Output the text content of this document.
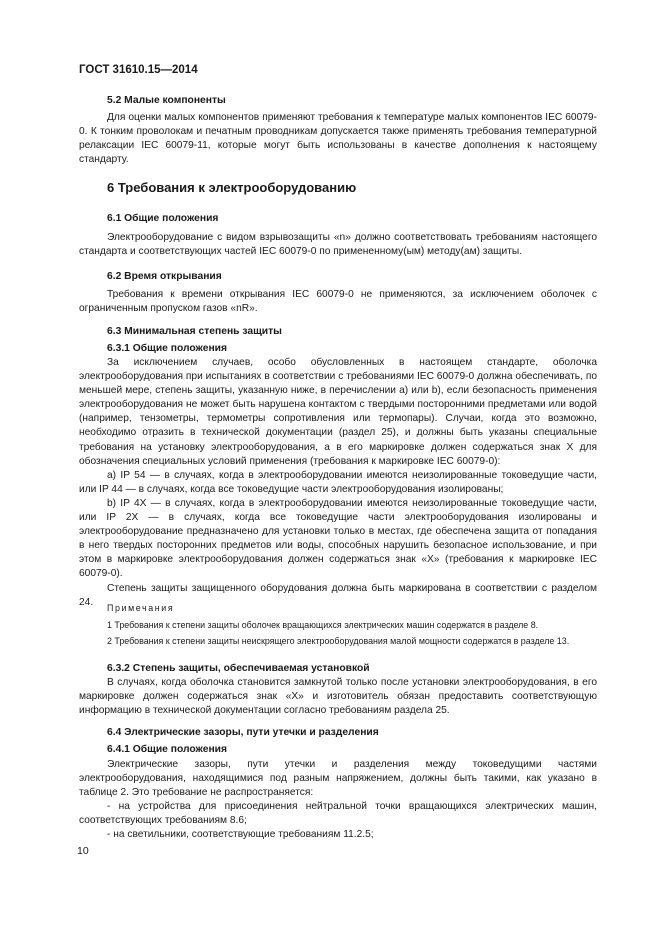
ГОСТ 31610.15—2014
5.2 Малые компоненты

Для оценки малых компонентов применяют требования к температуре малых компонентов IEC 60079-0. К тонким проволокам и печатным проводникам допускается также применять требования температурной релаксации IEC 60079-11, которые могут быть использованы в качестве дополнения к настоящему стандарту.

6 Требования к электрооборудованию
6.1 Общие положения

Электрооборудование с видом взрывозащиты «n» должно соответствовать требованиям настоящего стандарта и соответствующих частей IEC 60079-0 по примененному(ым) методу(ам) защиты.

6.2 Время открывания

Требования к времени открывания IEC 60079-0 не применяются, за исключением оболочек с ограниченным пропуском газов «nR».

6.3 Минимальная степень защиты
6.3.1 Общие положения

За исключением случаев, особо обусловленных в настоящем стандарте, оболочка электрооборудования при испытаниях в соответствии с требованиями IEC 60079-0 должна обеспечивать, по меньшей мере, степень защиты, указанную ниже, в перечислении а) или b), если безопасность применения электрооборудования не может быть нарушена контактом с твердыми посторонними предметами или водой (например, тензометры, термометры сопротивления или термопары). Случаи, когда это возможно, необходимо отразить в технической документации (раздел 25), и должны быть указаны специальные требования на установку электрооборудования, а в его маркировке должен содержаться знак X для обозначения специальных условий применения (требования к маркировке IEC 60079-0):

а) IP 54 — в случаях, когда в электрооборудовании имеются неизолированные токоведущие части, или IP 44 — в случаях, когда все токоведущие части электрооборудования изолированы;

b) IP 4X — в случаях, когда в электрооборудовании имеются неизолированные токоведущие части, или IP 2X — в случаях, когда все токоведущие части электрооборудования изолированы и электрооборудование предназначено для установки только в местах, где обеспечена защита от попадания в него твердых посторонних предметов или воды, способных нарушить безопасное использование, и при этом в маркировке электрооборудования должен содержаться знак «X» (требования к маркировке IEC 60079-0).

Степень защиты защищенного оборудования должна быть маркирована в соответствии с разделом 24.

Примечания

1 Требования к степени защиты оболочек вращающихся электрических машин содержатся в разделе 8.

2 Требования к степени защиты неискрящего электрооборудования малой мощности содержатся в разделе 13.

6.3.2 Степень защиты, обеспечиваемая установкой

В случаях, когда оболочка становится замкнутой только после установки электрооборудования, в его маркировке должен содержаться знак «X» и изготовитель обязан предоставить соответствующую информацию в технической документации согласно требованиям раздела 25.

6.4 Электрические зазоры, пути утечки и разделения
6.4.1 Общие положения

Электрические зазоры, пути утечки и разделения между токоведущими частями электрооборудования, находящимися под разным напряжением, должны быть такими, как указано в таблице 2. Это требование не распространяется:

- на устройства для присоединения нейтральной точки вращающихся электрических машин, соответствующих требованиям 8.6;

- на светильники, соответствующие требованиям 11.2.5;

10
